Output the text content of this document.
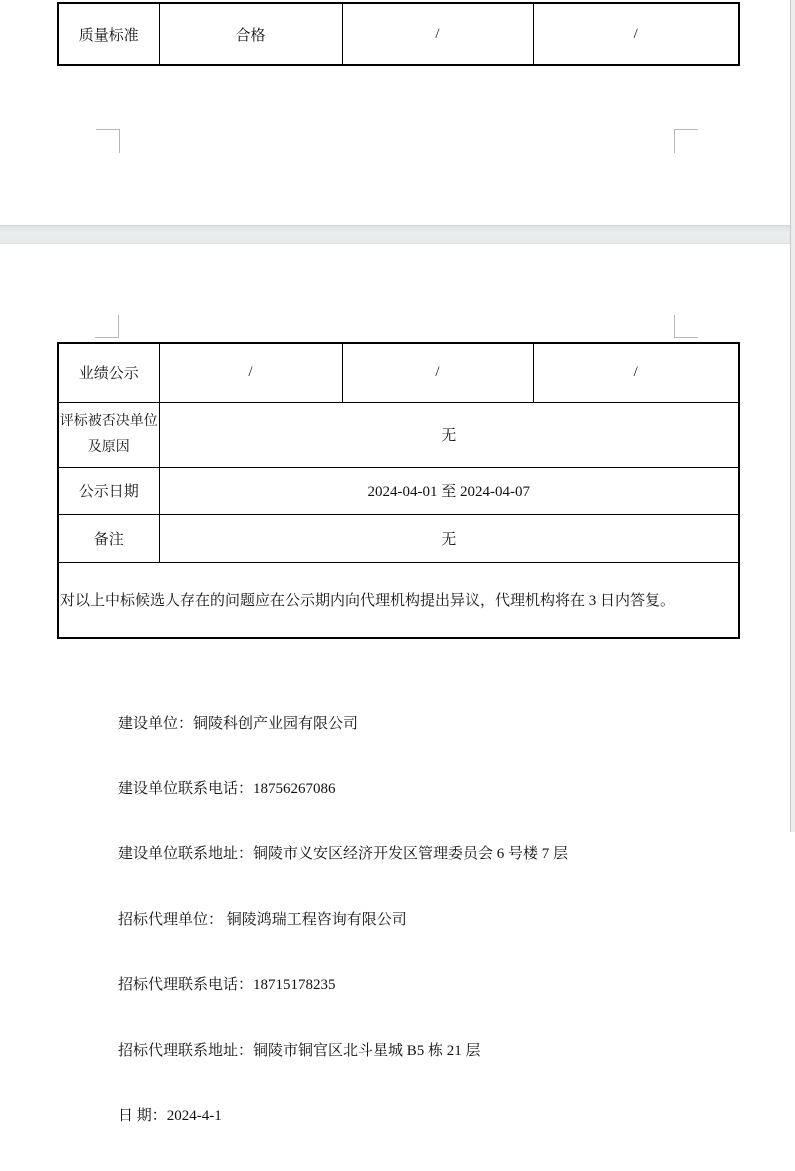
质量标准	合格	/	/
业绩公示	/	/	/

评标被否决单位
及原因	无		
公示日期	2024-04-01 至 2024-04-07		
备注	无		
对以上中标候选人存在的问题应在公示期内向代理机构提出异议，代理机构将在 3 日内答复。			

建设单位：铜陵科创产业园有限公司

建设单位联系电话：18756267086

建设单位联系地址：铜陵市义安区经济开发区管理委员会 6 号楼 7 层

招标代理单位： 铜陵鸿瑞工程咨询有限公司

招标代理联系电话：18715178235

招标代理联系地址：铜陵市铜官区北斗星城 B5 栋 21 层

日 期：2024-4-1
